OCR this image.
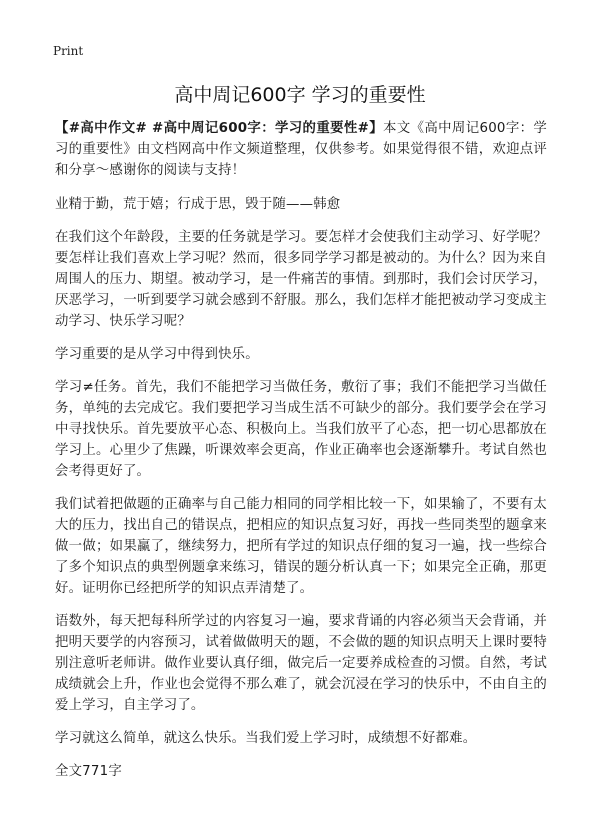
Print
高中周记600字 学习的重要性

【#高中作文# #高中周记600字：学习的重要性#】本文《高中周记600字：学习的重要性》由文档网高中作文频道整理，仅供参考。如果觉得很不错，欢迎点评和分享～感谢你的阅读与支持！

业精于勤，荒于嬉；行成于思，毁于随——韩愈

在我们这个年龄段，主要的任务就是学习。要怎样才会使我们主动学习、好学呢？要怎样让我们喜欢上学习呢？然而，很多同学学习都是被动的。为什么？因为来自周围人的压力、期望。被动学习，是一件痛苦的事情。到那时，我们会讨厌学习，厌恶学习，一听到要学习就会感到不舒服。那么，我们怎样才能把被动学习变成主动学习、快乐学习呢？

学习重要的是从学习中得到快乐。

学习≠任务。首先，我们不能把学习当做任务，敷衍了事；我们不能把学习当做任务，单纯的去完成它。我们要把学习当成生活不可缺少的部分。我们要学会在学习中寻找快乐。首先要放平心态、积极向上。当我们放平了心态，把一切心思都放在学习上。心里少了焦躁，听课效率会更高，作业正确率也会逐渐攀升。考试自然也会考得更好了。

我们试着把做题的正确率与自己能力相同的同学相比较一下，如果输了，不要有太大的压力，找出自己的错误点，把相应的知识点复习好，再找一些同类型的题拿来做一做；如果赢了，继续努力，把所有学过的知识点仔细的复习一遍，找一些综合了多个知识点的典型例题拿来练习，错误的题分析认真一下；如果完全正确，那更好。证明你已经把所学的知识点弄清楚了。

语数外，每天把每科所学过的内容复习一遍，要求背诵的内容必须当天会背诵，并把明天要学的内容预习，试着做做明天的题，不会做的题的知识点明天上课时要特别注意听老师讲。做作业要认真仔细，做完后一定要养成检查的习惯。自然，考试成绩就会上升，作业也会觉得不那么难了，就会沉浸在学习的快乐中，不由自主的爱上学习，自主学习了。

学习就这么简单，就这么快乐。当我们爱上学习时，成绩想不好都难。

全文771字
